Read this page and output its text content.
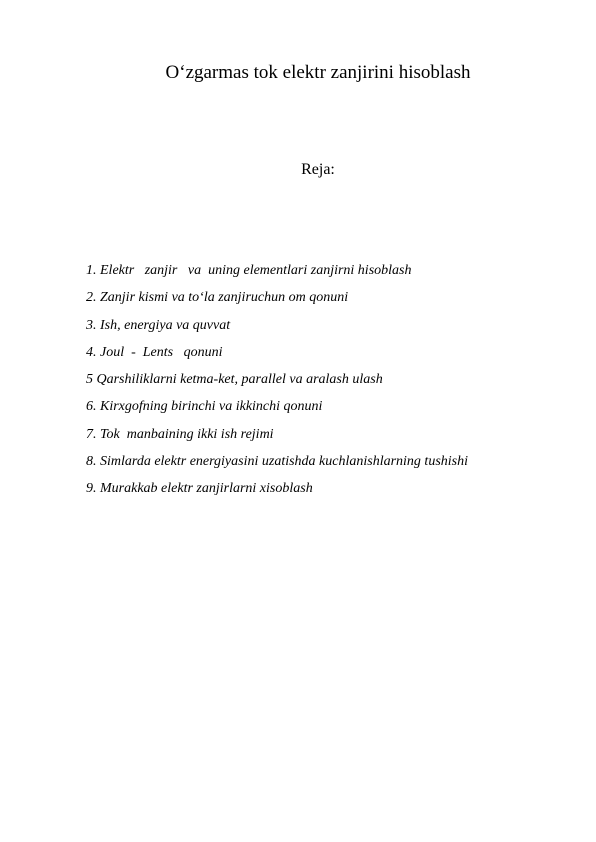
O‘zgarmas tok elektr zanjirini hisoblash
Reja:
1. Elektr   zanjir   va  uning elementlari zanjirni hisoblash
2. Zanjir kismi va to‘la zanjiruchun om qonuni
3. Ish, energiya va quvvat
4. Joul  -  Lents   qonuni
5 Qarshiliklarni ketma-ket, parallel va aralash ulash
6. Kirxgofning birinchi va ikkinchi qonuni
7. Tok  manbaining ikki ish rejimi
8. Simlarda elektr energiyasini uzatishda kuchlanishlarning tushishi
9. Murakkab elektr zanjirlarni xisoblash
